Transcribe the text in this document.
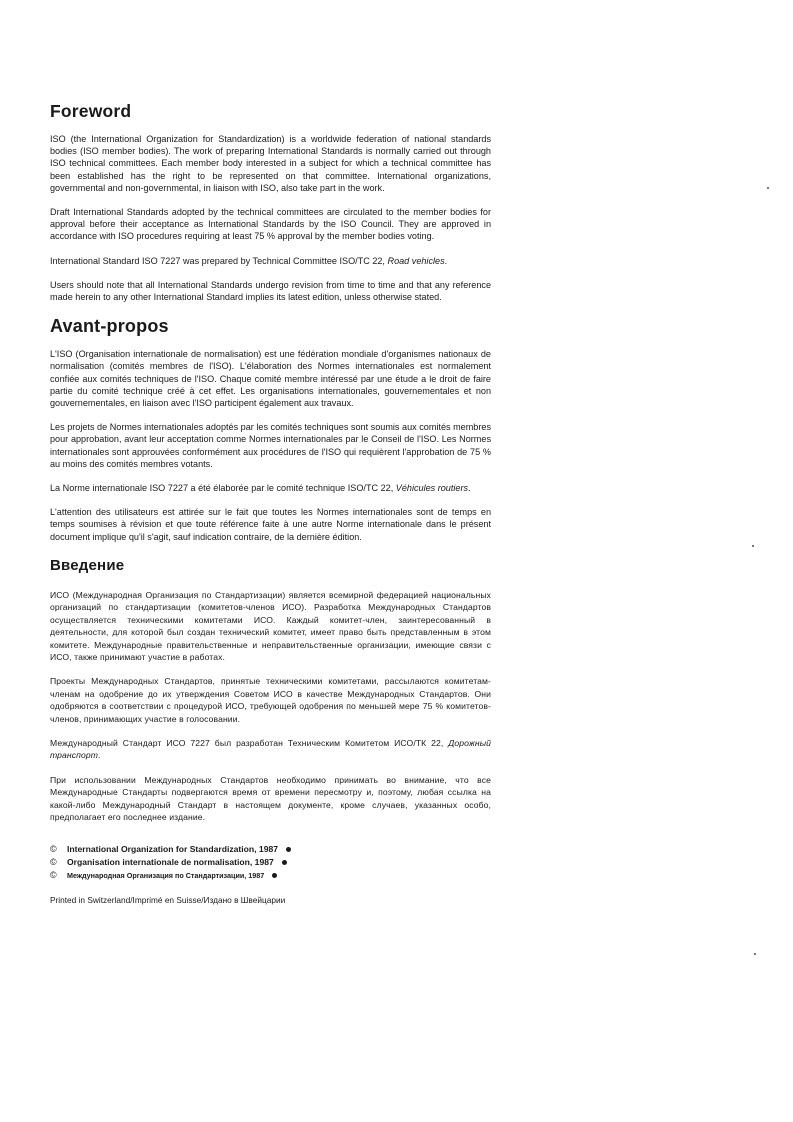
Foreword

ISO (the International Organization for Standardization) is a worldwide federation of national standards bodies (ISO member bodies). The work of preparing International Standards is normally carried out through ISO technical committees. Each member body interested in a subject for which a technical committee has been established has the right to be represented on that committee. International organizations, governmental and non-governmental, in liaison with ISO, also take part in the work.

Draft International Standards adopted by the technical committees are circulated to the member bodies for approval before their acceptance as International Standards by the ISO Council. They are approved in accordance with ISO procedures requiring at least 75 % approval by the member bodies voting.

International Standard ISO 7227 was prepared by Technical Committee ISO/TC 22, Road vehicles.

Users should note that all International Standards undergo revision from time to time and that any reference made herein to any other International Standard implies its latest edition, unless otherwise stated.

Avant-propos

L'ISO (Organisation internationale de normalisation) est une fédération mondiale d'organismes nationaux de normalisation (comités membres de l'ISO). L'élaboration des Normes internationales est normalement confiée aux comités techniques de l'ISO. Chaque comité membre intéressé par une étude a le droit de faire partie du comité technique créé à cet effet. Les organisations internationales, gouvernementales et non gouvernementales, en liaison avec l'ISO participent également aux travaux.

Les projets de Normes internationales adoptés par les comités techniques sont soumis aux comités membres pour approbation, avant leur acceptation comme Normes internationales par le Conseil de l'ISO. Les Normes internationales sont approuvées conformément aux procédures de l'ISO qui requièrent l'approbation de 75 % au moins des comités membres votants.

La Norme internationale ISO 7227 a été élaborée par le comité technique ISO/TC 22, Véhicules routiers.

L'attention des utilisateurs est attirée sur le fait que toutes les Normes internationales sont de temps en temps soumises à révision et que toute référence faite à une autre Norme internationale dans le présent document implique qu'il s'agit, sauf indication contraire, de la dernière édition.

Введение

ИСО (Международная Организация по Стандартизации) является всемирной федерацией национальных организаций по стандартизации (комитетов-членов ИСО). Разработка Международных Стандартов осуществляется техническими комитетами ИСО. Каждый комитет-член, заинтересованный в деятельности, для которой был создан технический комитет, имеет право быть представленным в этом комитете. Международные правительственные и неправительственные организации, имеющие связи с ИСО, также принимают участие в работах.

Проекты Международных Стандартов, принятые техническими комитетами, рассылаются комитетам-членам на одобрение до их утверждения Советом ИСО в качестве Международных Стандартов. Они одобряются в соответствии с процедурой ИСО, требующей одобрения по меньшей мере 75 % комитетов-членов, принимающих участие в голосовании.

Международный Стандарт ИСО 7227 был разработан Техническим Комитетом ИСО/ТК 22, Дорожный транспорт.

При использовании Международных Стандартов необходимо принимать во внимание, что все Международные Стандарты подвергаются время от времени пересмотру и, поэтому, любая ссылка на какой-либо Международный Стандарт в настоящем документе, кроме случаев, указанных особо, предполагает его последнее издание.

©	International Organization for Standardization, 1987
©	Organisation internationale de normalisation, 1987
©	Международная Организация по Стандартизации, 1987
Printed in Switzerland/Imprimé en Suisse/Издано в Швейцарии
